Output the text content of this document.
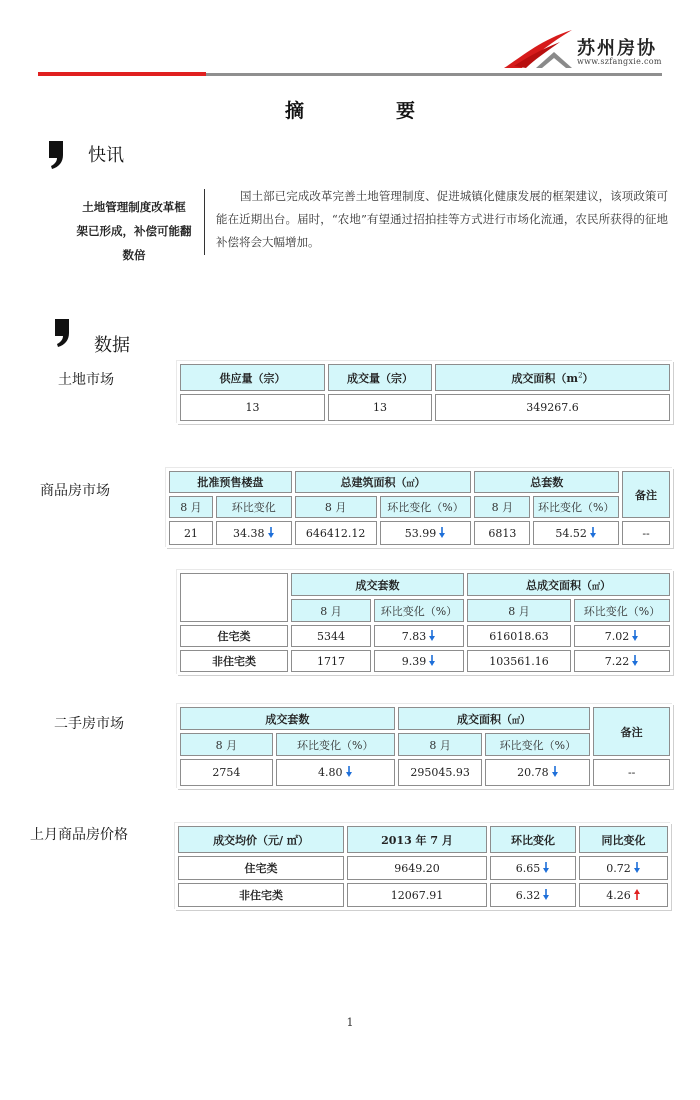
苏州房协
www.szfangxie.com
摘	要
快讯
土地管理制度改革框
架已形成，补偿可能翻
数倍
国土部已完成改革完善土地管理制度、促进城镇化健康发展的框架建议，该项政策可能在近期出台。届时，“农地”有望通过招拍挂等方式进行市场化流通，农民所获得的征地补偿将会大幅增加。
数据
土地市场	供应量（宗）	成交量（宗）	成交面积$(m^2)$
13	13	349267.6
商品房市场
批准预售楼盘		总建筑面积（㎡）		总套数		备注
8 月	环比变化	8 月	环比变化（%）	8 月	环比变化（%）	
21	34.38	646412.12	53.99	6813	54.52	--
	成交套数		总成交面积（㎡）	
	8 月	环比变化（%）	8 月	环比变化（%）
住宅类	5344	7.83	616018.63	7.02
非住宅类	1717	9.39	103561.16	7.22
二手房市场	成交套数		成交面积（㎡）		备注
8 月	环比变化（%）	8 月	环比变化（%）	
2754	4.80	295045.93	20.78	--
上月商品房价格	成交均价（元/ ㎡）	2013 年 7 月	环比变化	同比变化
住宅类	9649.20	6.65	0.72
非住宅类	12067.91	6.32	4.26
1
